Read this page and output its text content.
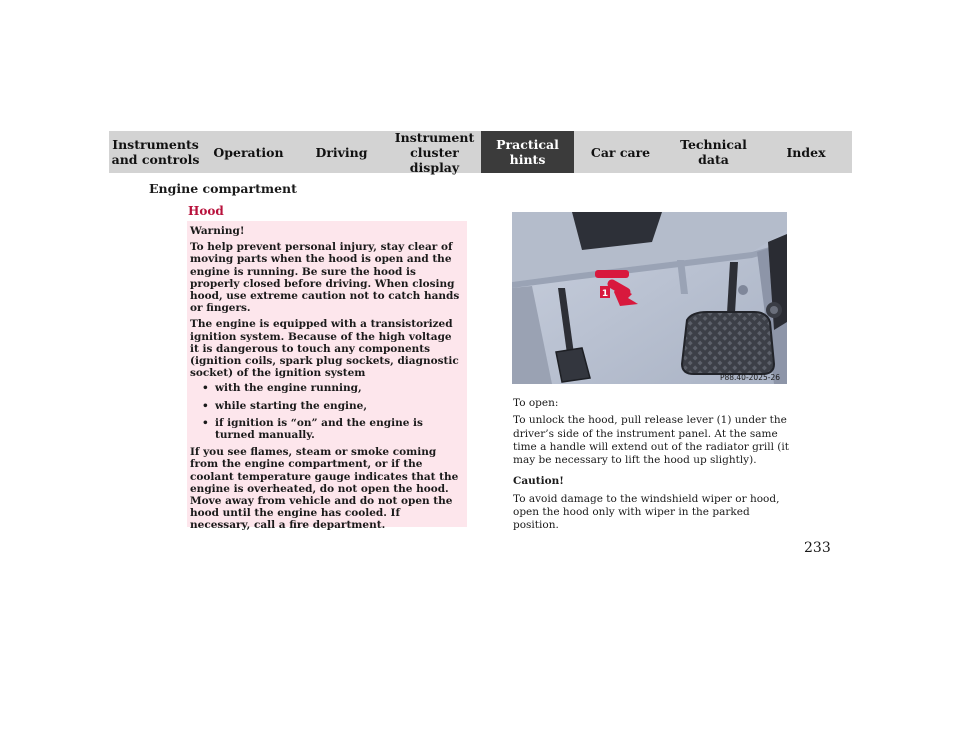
Instruments
and controls Operation	Driving
Instrument
cluster display
Practical hints	Car care Technical
data	Index
Engine compartment
Hood

Warning!

To help prevent personal injury, stay clear of moving parts when the hood is open and the engine is running. Be sure the hood is properly closed before driving. When closing hood, use extreme caution not to catch hands or fingers.

The engine is equipped with a transistorized ignition system. Because of the high voltage it is dangerous to touch any components (ignition coils, spark plug sockets, diagnostic socket) of the ignition system

• with the engine running,
• while starting the engine,
• if ignition is “on” and the engine is turned manually.

If you see flames, steam or smoke coming from the engine compartment, or if the coolant temperature gauge indicates that the engine is overheated, do not open the hood. Move away from vehicle and do not open the hood until the engine has cooled. If necessary, call a fire department.

1
P88.40-2025-26

To open:

To unlock the hood, pull release lever (1) under the driver’s side of the instrument panel. At the same time a handle will extend out of the radiator grill (it may be necessary to lift the hood up slightly).

Caution!

To avoid damage to the windshield wiper or hood, open the hood only with wiper in the parked position.

233
